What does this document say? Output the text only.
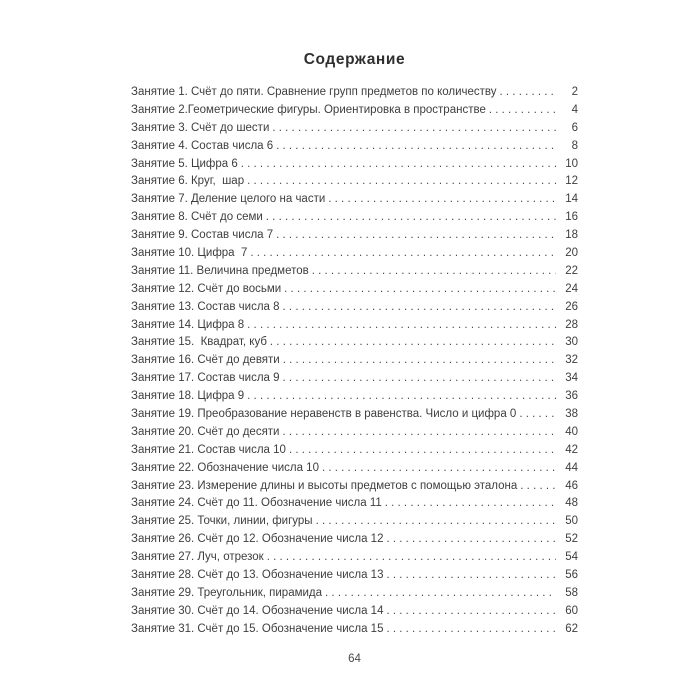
Содержание
Занятие 1. Счёт до пяти. Сравнение групп предметов по количеству . . .	2
Занятие 2.Геометрические фигуры. Ориентировка в пространстве . . .	4
Занятие 3. Счёт до шести . . .	6
Занятие 4. Состав числа 6 . . .	8
Занятие 5. Цифра 6 . . .	10
Занятие 6. Круг,  шар . . .	12
Занятие 7. Деление целого на части . . .	14
Занятие 8. Счёт до семи . . .	16
Занятие 9. Состав числа 7 . . .	18
Занятие 10. Цифра  7 . . .	20
Занятие 11. Величина предметов . . .	22
Занятие 12. Счёт до восьми . . .	24
Занятие 13. Состав числа 8 . . .	26
Занятие 14. Цифра 8 . . .	28
Занятие 15.  Квадрат, куб . . .	30
Занятие 16. Счёт до девяти . . .	32
Занятие 17. Состав числа 9 . . .	34
Занятие 18. Цифра 9 . . .	36
Занятие 19. Преобразование неравенств в равенства. Число и цифра 0 . . .	38
Занятие 20. Счёт до десяти . . .	40
Занятие 21. Состав числа 10 . . .	42
Занятие 22. Обозначение числа 10 . . .	44
Занятие 23. Измерение длины и высоты предметов с помощью эталона . . .	46
Занятие 24. Счёт до 11. Обозначение числа 11 . . .	48
Занятие 25. Точки, линии, фигуры . . .	50
Занятие 26. Счёт до 12. Обозначение числа 12 . . .	52
Занятие 27. Луч, отрезок . . .	54
Занятие 28. Счёт до 13. Обозначение числа 13 . . .	56
Занятие 29. Треугольник, пирамида . . .	58
Занятие 30. Счёт до 14. Обозначение числа 14 . . .	60
Занятие 31. Счёт до 15. Обозначение числа 15 . . .	62
64
